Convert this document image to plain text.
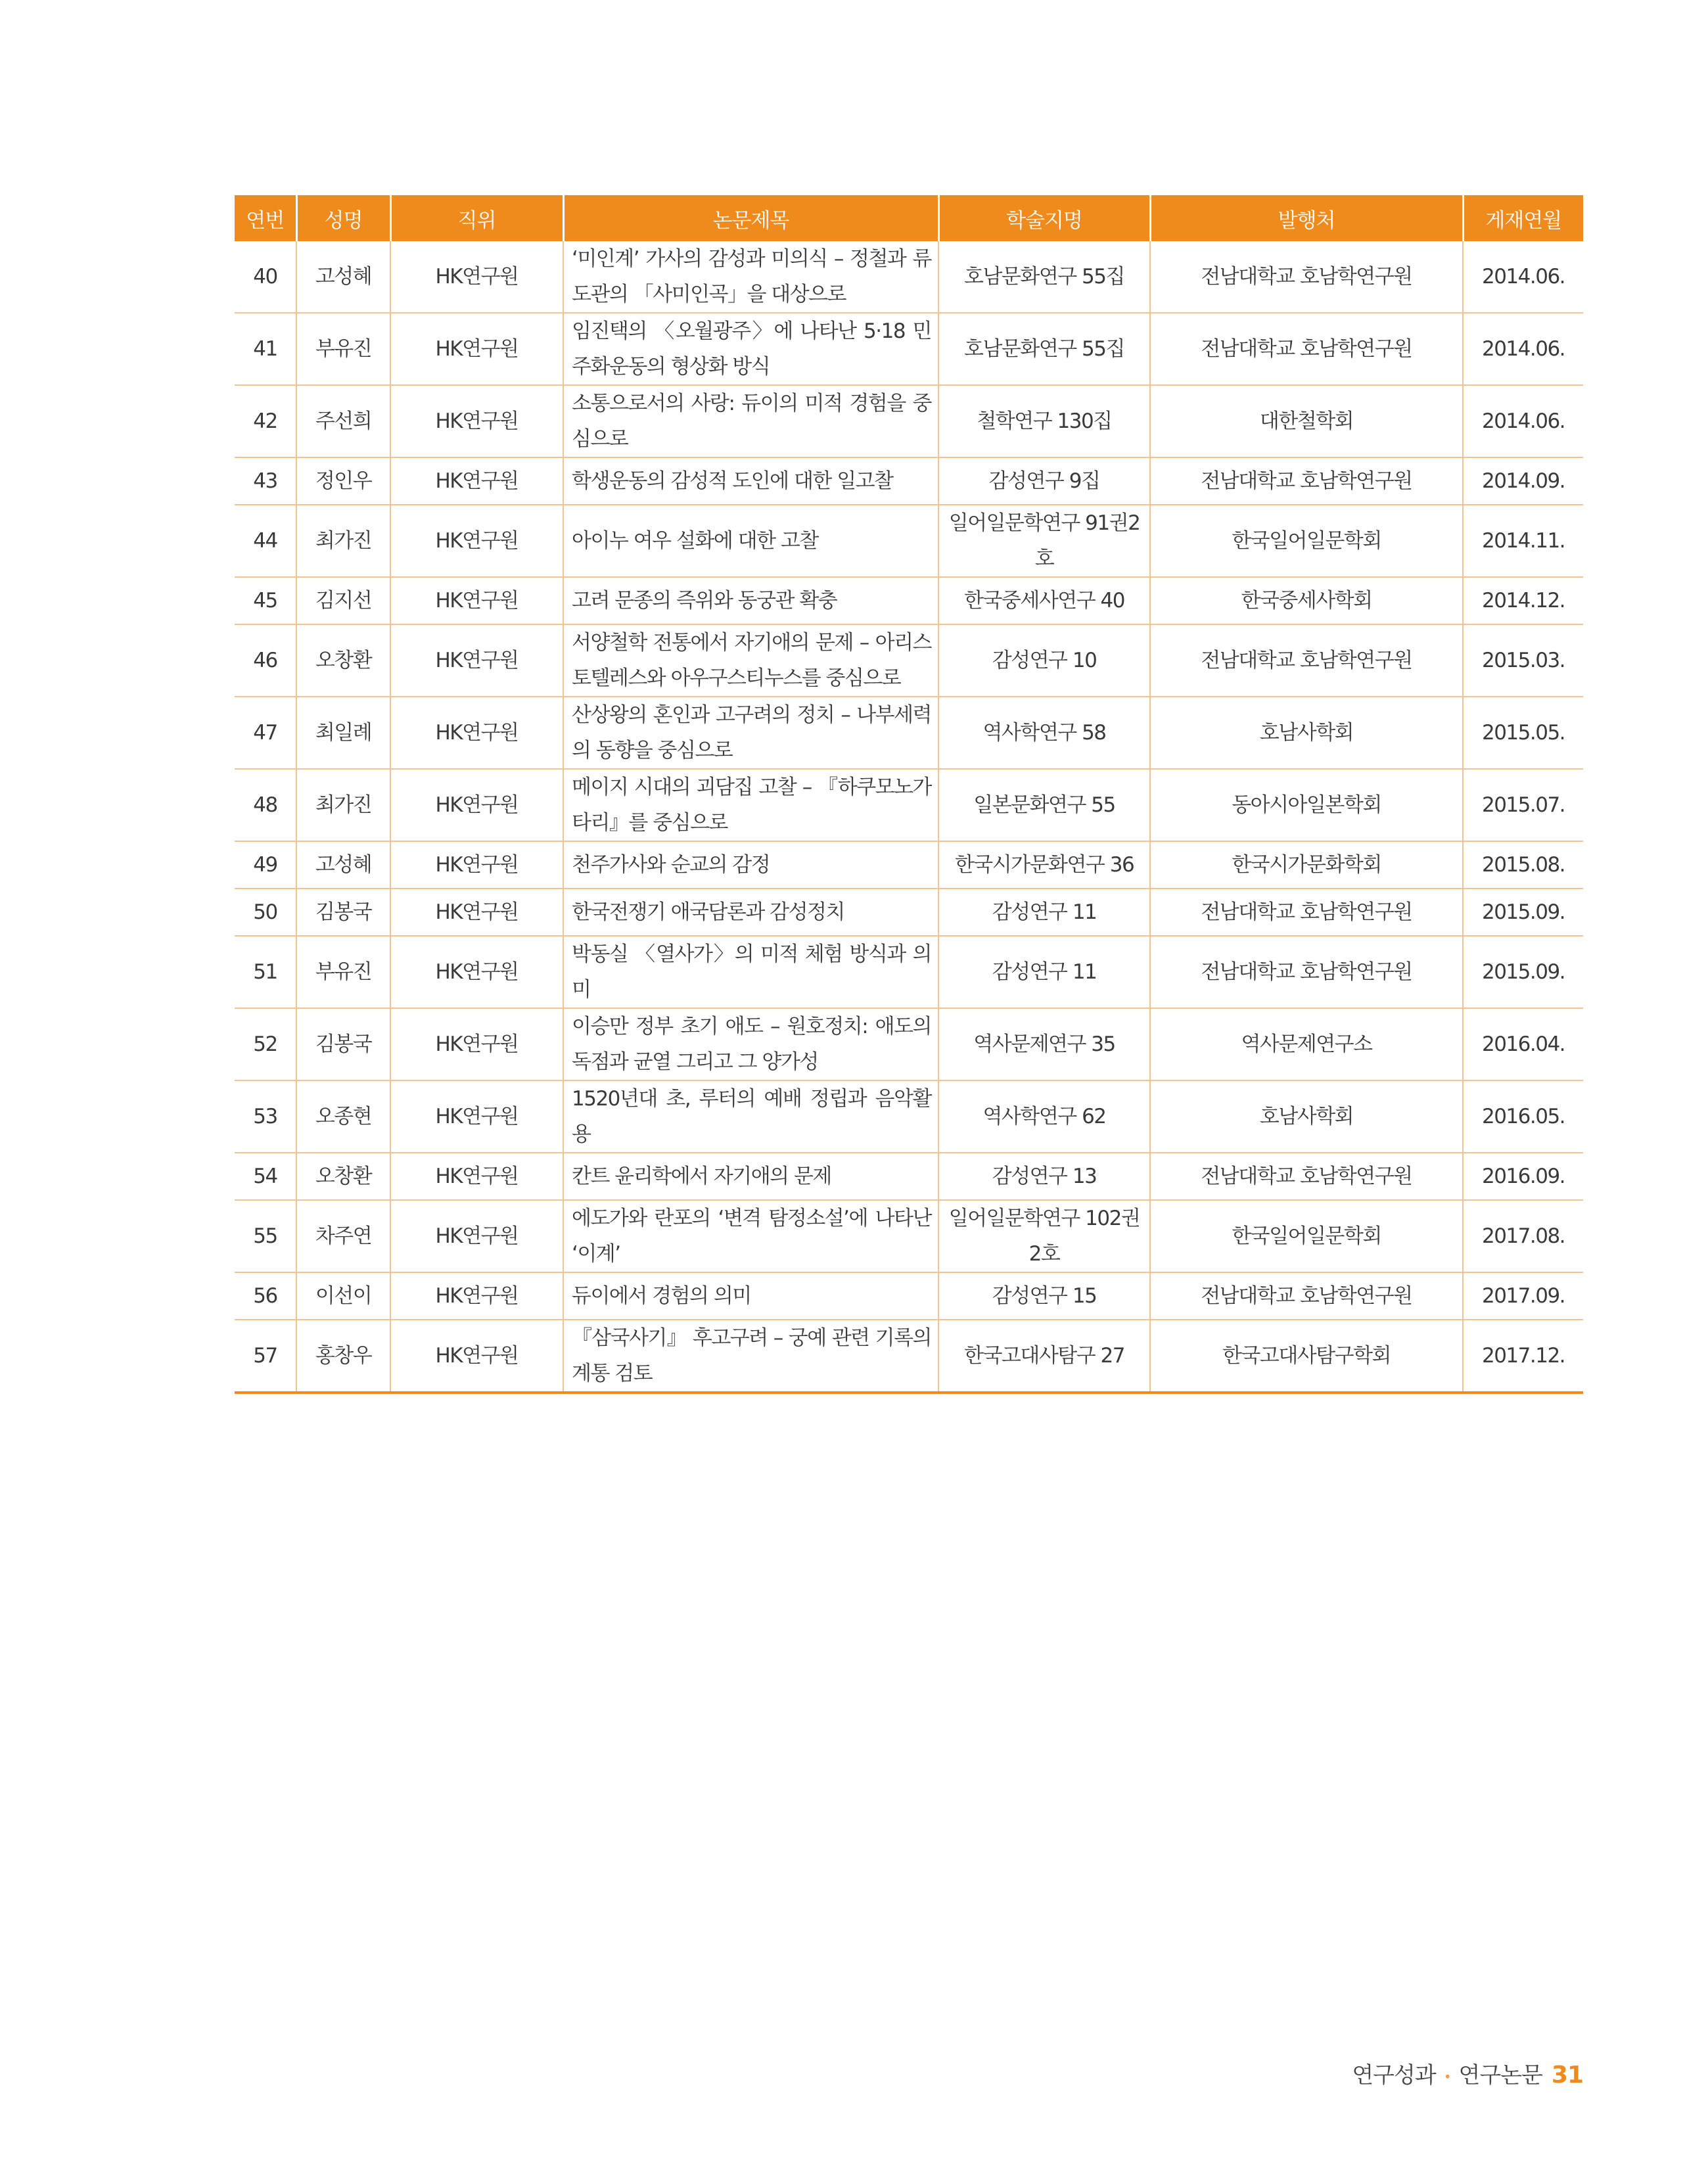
연번	성명	직위	논문제목	학술지명	발행처	게재연월
40	고성혜	HK연구원	‘미인계’ 가사의 감성과 미의식 – 정철과 류도관의 「사미인곡」을 대상으로	호남문화연구 55집	전남대학교 호남학연구원	2014.06.
41	부유진	HK연구원	임진택의 〈오월광주〉에 나타난 5·18 민주화운동의 형상화 방식	호남문화연구 55집	전남대학교 호남학연구원	2014.06.
42	주선희	HK연구원	소통으로서의 사랑: 듀이의 미적 경험을 중심으로	철학연구 130집	대한철학회	2014.06.
43	정인우	HK연구원	학생운동의 감성적 도인에 대한 일고찰	감성연구 9집	전남대학교 호남학연구원	2014.09.
44	최가진	HK연구원	아이누 여우 설화에 대한 고찰	일어일문학연구 91권2호	한국일어일문학회	2014.11.
45	김지선	HK연구원	고려 문종의 즉위와 동궁관 확충	한국중세사연구 40	한국중세사학회	2014.12.
46	오창환	HK연구원	서양철학 전통에서 자기애의 문제 – 아리스토텔레스와 아우구스티누스를 중심으로	감성연구 10	전남대학교 호남학연구원	2015.03.
47	최일례	HK연구원	산상왕의 혼인과 고구려의 정치 – 나부세력의 동향을 중심으로	역사학연구 58	호남사학회	2015.05.
48	최가진	HK연구원	메이지 시대의 괴담집 고찰 – 『하쿠모노가타리』를 중심으로	일본문화연구 55	동아시아일본학회	2015.07.
49	고성혜	HK연구원	천주가사와 순교의 감정	한국시가문화연구 36	한국시가문화학회	2015.08.
50	김봉국	HK연구원	한국전쟁기 애국담론과 감성정치	감성연구 11	전남대학교 호남학연구원	2015.09.
51	부유진	HK연구원	박동실 〈열사가〉의 미적 체험 방식과 의미	감성연구 11	전남대학교 호남학연구원	2015.09.
52	김봉국	HK연구원	이승만 정부 초기 애도 – 원호정치: 애도의 독점과 균열 그리고 그 양가성	역사문제연구 35	역사문제연구소	2016.04.
53	오종현	HK연구원	1520년대 초, 루터의 예배 정립과 음악활용	역사학연구 62	호남사학회	2016.05.
54	오창환	HK연구원	칸트 윤리학에서 자기애의 문제	감성연구 13	전남대학교 호남학연구원	2016.09.
55	차주연	HK연구원	에도가와 란포의 ‘변격 탐정소설’에 나타난 ‘이계’	일어일문학연구 102권 2호	한국일어일문학회	2017.08.
56	이선이	HK연구원	듀이에서 경험의 의미	감성연구 15	전남대학교 호남학연구원	2017.09.
57	홍창우	HK연구원	『삼국사기』 후고구려 – 궁예 관련 기록의 계통 검토	한국고대사탐구 27	한국고대사탐구학회	2017.12.
연구성과 • 연구논문 31
